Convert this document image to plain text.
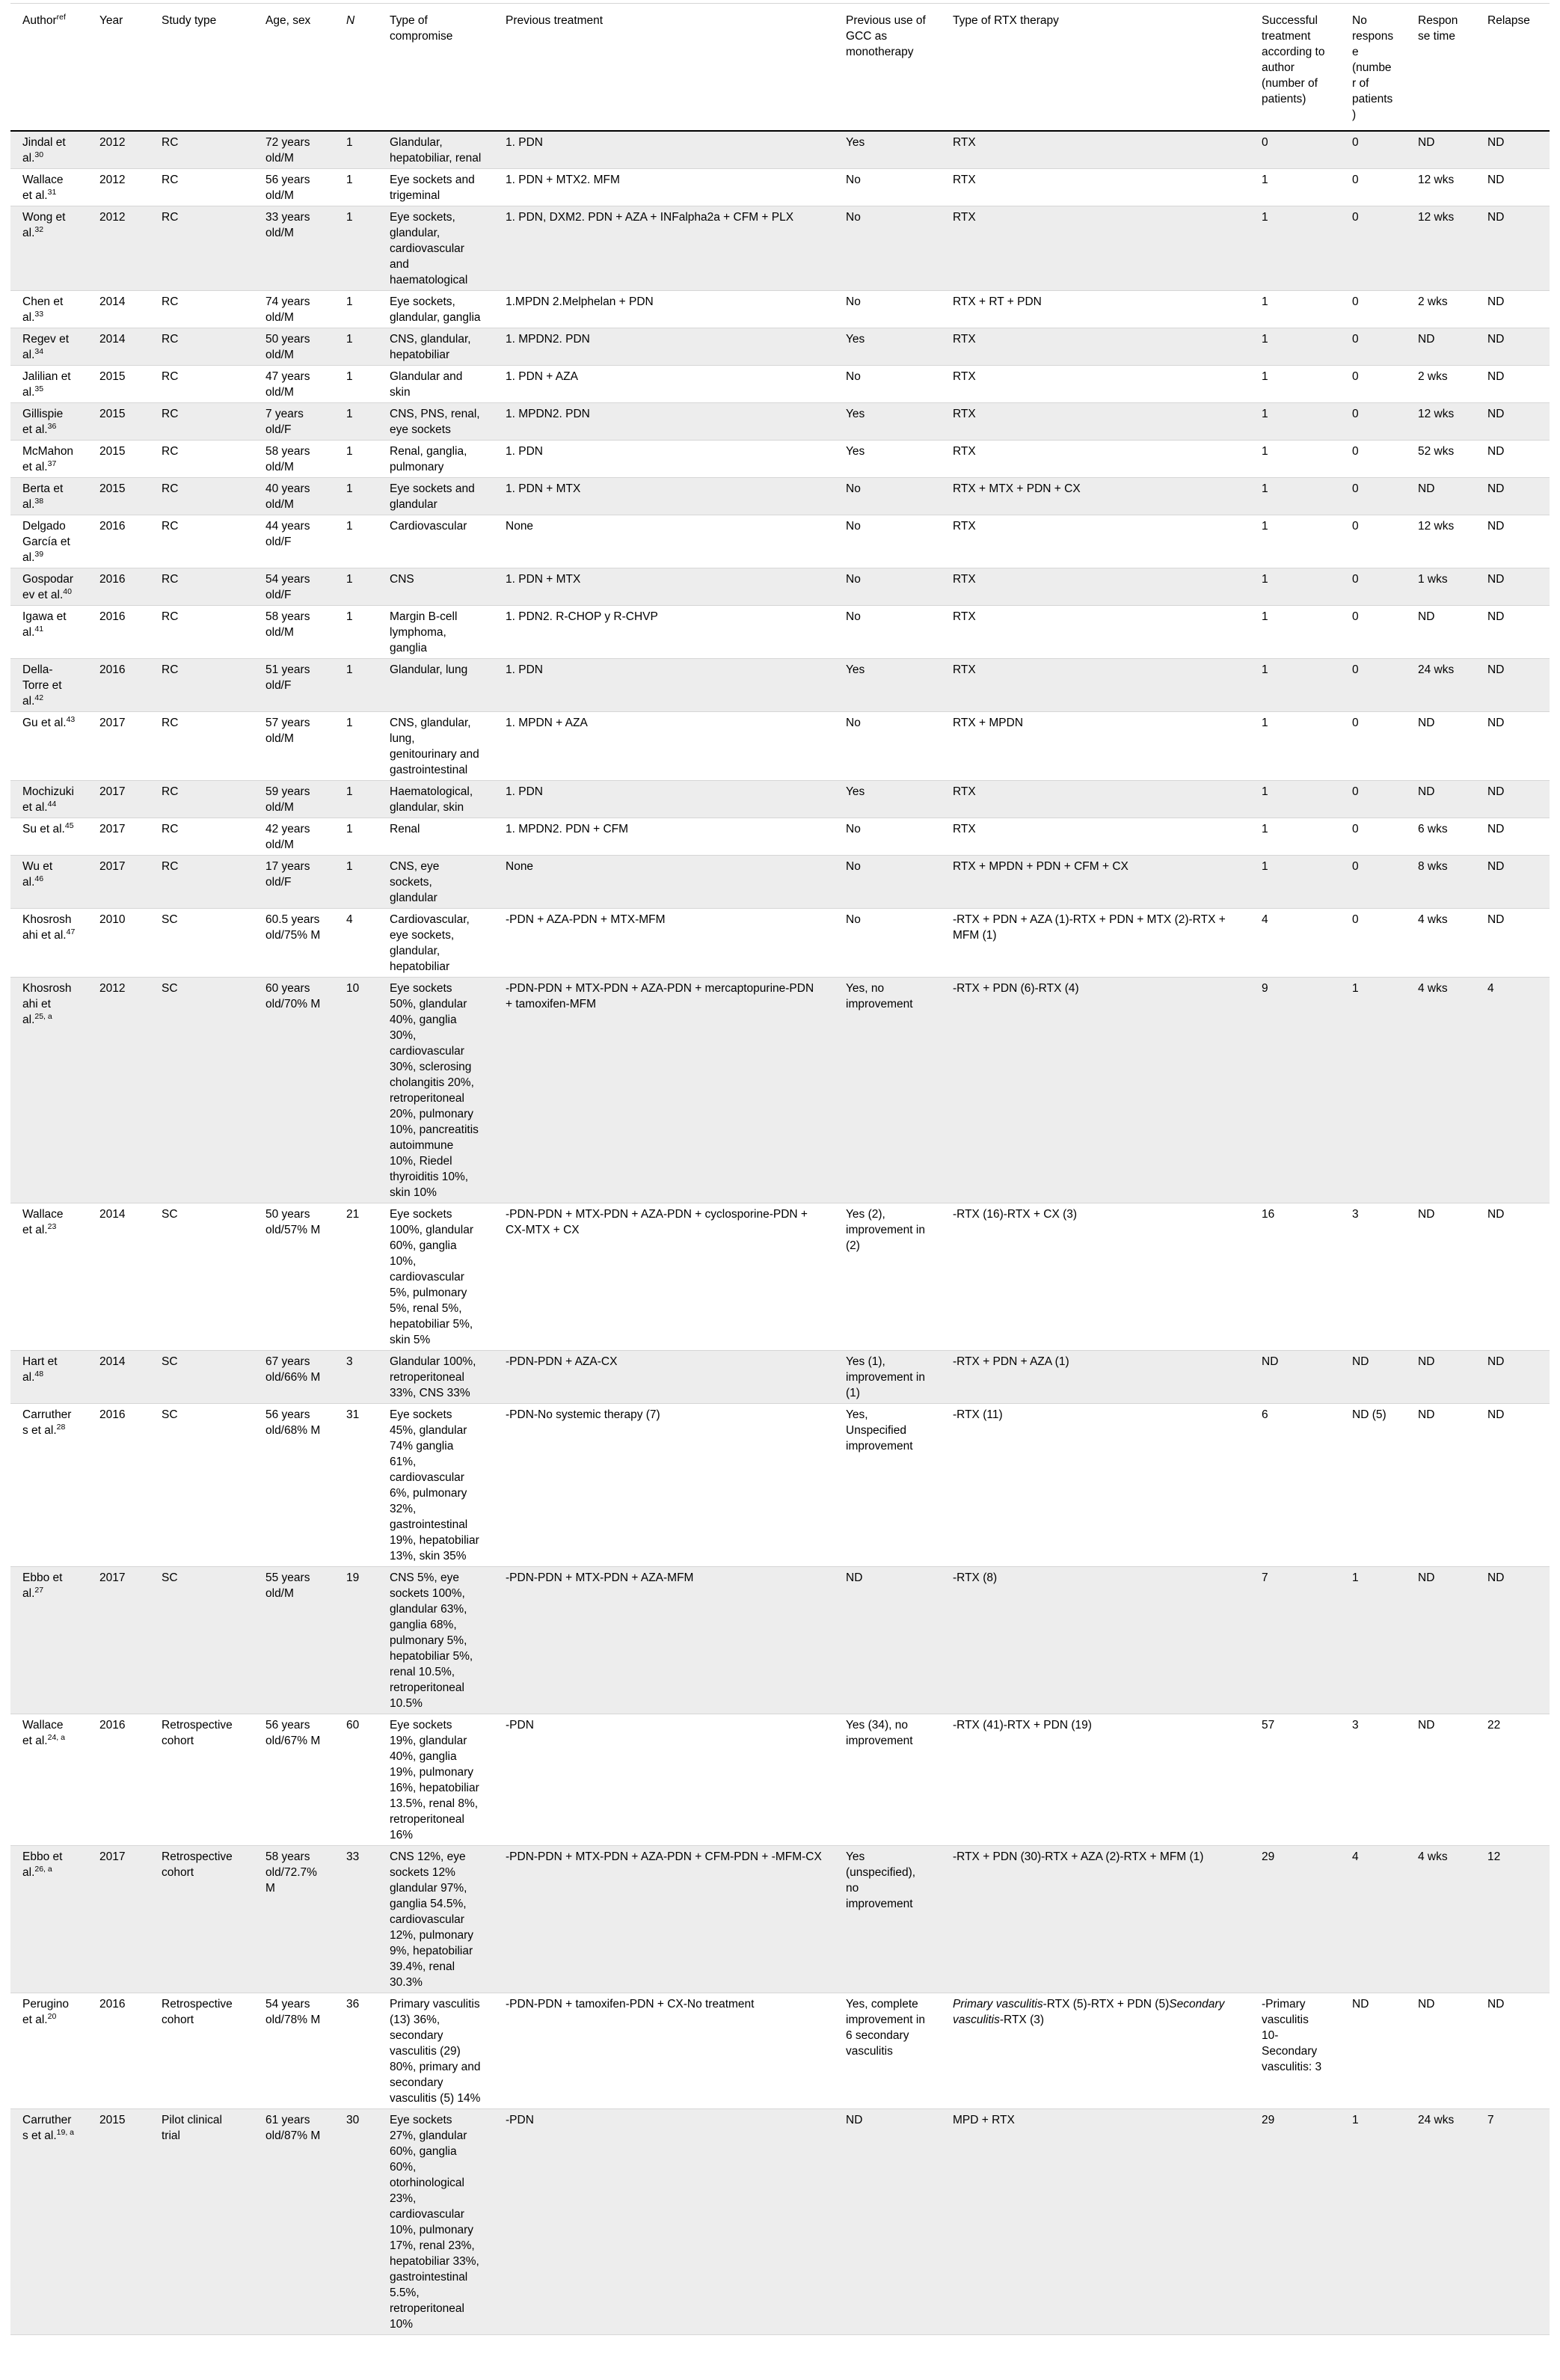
Author$^{ref}$	Year	Study type	Age, sex	N	Type of compromise	Previous treatment	Previous use of GCC as monotherapy	Type of RTX therapy	Successful treatment according to author (number of patients)	No response (number of patients)	Response time	Relapse
Jindal et al.$^{30}$	2012	RC	72 years old/M	1	Glandular, hepatobiliar, renal	1. PDN	Yes	RTX	0	0	ND	ND
Wallace et al.$^{31}$	2012	RC	56 years old/M	1	Eye sockets and trigeminal	1. PDN + MTX2. MFM	No	RTX	1	0	12 wks	ND
Wong et al.$^{32}$	2012	RC	33 years old/M	1	Eye sockets, glandular, cardiovascular and haematological	1. PDN, DXM2. PDN + AZA + INFalpha2a + CFM + PLX	No	RTX	1	0	12 wks	ND
Chen et al.$^{33}$	2014	RC	74 years old/M	1	Eye sockets, glandular, ganglia	1.MPDN 2.Melphelan + PDN	No	RTX + RT + PDN	1	0	2 wks	ND
Regev et al.$^{34}$	2014	RC	50 years old/M	1	CNS, glandular, hepatobiliar	1. MPDN2. PDN	Yes	RTX	1	0	ND	ND
Jalilian et al.$^{35}$	2015	RC	47 years old/M	1	Glandular and skin	1. PDN + AZA	No	RTX	1	0	2 wks	ND
Gillispie et al.$^{36}$	2015	RC	7 years old/F	1	CNS, PNS, renal, eye sockets	1. MPDN2. PDN	Yes	RTX	1	0	12 wks	ND
McMahon et al.$^{37}$	2015	RC	58 years old/M	1	Renal, ganglia, pulmonary	1. PDN	Yes	RTX	1	0	52 wks	ND
Berta et al.$^{38}$	2015	RC	40 years old/M	1	Eye sockets and glandular	1. PDN + MTX	No	RTX + MTX + PDN + CX	1	0	ND	ND
Delgado García et al.$^{39}$	2016	RC	44 years old/F	1	Cardiovascular	None	No	RTX	1	0	12 wks	ND
Gospodarev et al.$^{40}$	2016	RC	54 years old/F	1	CNS	1. PDN + MTX	No	RTX	1	0	1 wks	ND
Igawa et al.$^{41}$	2016	RC	58 years old/M	1	Margin B-cell lymphoma, ganglia	1. PDN2. R-CHOP y R-CHVP	No	RTX	1	0	ND	ND
Della-Torre et al.$^{42}$	2016	RC	51 years old/F	1	Glandular, lung	1. PDN	Yes	RTX	1	0	24 wks	ND
Gu et al.$^{43}$	2017	RC	57 years old/M	1	CNS, glandular, lung, genitourinary and gastrointestinal	1. MPDN + AZA	No	RTX + MPDN	1	0	ND	ND
Mochizuki et al.$^{44}$	2017	RC	59 years old/M	1	Haematological, glandular, skin	1. PDN	Yes	RTX	1	0	ND	ND
Su et al.$^{45}$	2017	RC	42 years old/M	1	Renal	1. MPDN2. PDN + CFM	No	RTX	1	0	6 wks	ND
Wu et al.$^{46}$	2017	RC	17 years old/F	1	CNS, eye sockets, glandular	None	No	RTX + MPDN + PDN + CFM + CX	1	0	8 wks	ND
Khosroshahi et al.$^{47}$	2010	SC	60.5 years old/75% M	4	Cardiovascular, eye sockets, glandular, hepatobiliar	-PDN + AZA-PDN + MTX-MFM	No	-RTX + PDN + AZA (1)-RTX + PDN + MTX (2)-RTX + MFM (1)	4	0	4 wks	ND
Khosroshahi et al.$^{25, a}$	2012	SC	60 years old/70% M	10	Eye sockets 50%, glandular 40%, ganglia 30%, cardiovascular 30%, sclerosing cholangitis 20%, retroperitoneal 20%, pulmonary 10%, pancreatitis autoimmune 10%, Riedel thyroiditis 10%, skin 10%	-PDN-PDN + MTX-PDN + AZA-PDN + mercaptopurine-PDN + tamoxifen-MFM	Yes, no improvement	-RTX + PDN (6)-RTX (4)	9	1	4 wks	4
Wallace et al.$^{23}$	2014	SC	50 years old/57% M	21	Eye sockets 100%, glandular 60%, ganglia 10%, cardiovascular 5%, pulmonary 5%, renal 5%, hepatobiliar 5%, skin 5%	-PDN-PDN + MTX-PDN + AZA-PDN + cyclosporine-PDN + CX-MTX + CX	Yes (2), improvement in (2)	-RTX (16)-RTX + CX (3)	16	3	ND	ND
Hart et al.$^{48}$	2014	SC	67 years old/66% M	3	Glandular 100%, retroperitoneal 33%, CNS 33%	-PDN-PDN + AZA-CX	Yes (1), improvement in (1)	-RTX + PDN + AZA (1)	ND	ND	ND	ND
Carruthers et al.$^{28}$	2016	SC	56 years old/68% M	31	Eye sockets 45%, glandular 74% ganglia 61%, cardiovascular 6%, pulmonary 32%, gastrointestinal 19%, hepatobiliar 13%, skin 35%	-PDN-No systemic therapy (7)	Yes, Unspecified improvement	-RTX (11)	6	ND (5)	ND	ND
Ebbo et al.$^{27}$	2017	SC	55 years old/M	19	CNS 5%, eye sockets 100%, glandular 63%, ganglia 68%, pulmonary 5%, hepatobiliar 5%, renal 10.5%, retroperitoneal 10.5%	-PDN-PDN + MTX-PDN + AZA-MFM	ND	-RTX (8)	7	1	ND	ND
Wallace et al.$^{24, a}$	2016	Retrospective cohort	56 years old/67% M	60	Eye sockets 19%, glandular 40%, ganglia 19%, pulmonary 16%, hepatobiliar 13.5%, renal 8%, retroperitoneal 16%	-PDN	Yes (34), no improvement	-RTX (41)-RTX + PDN (19)	57	3	ND	22
Ebbo et al.$^{26, a}$	2017	Retrospective cohort	58 years old/72.7% M	33	CNS 12%, eye sockets 12% glandular 97%, ganglia 54.5%, cardiovascular 12%, pulmonary 9%, hepatobiliar 39.4%, renal 30.3%	-PDN-PDN + MTX-PDN + AZA-PDN + CFM-PDN + -MFM-CX	Yes (unspecified), no improvement	-RTX + PDN (30)-RTX + AZA (2)-RTX + MFM (1)	29	4	4 wks	12
Perugino et al.$^{20}$	2016	Retrospective cohort	54 years old/78% M	36	Primary vasculitis (13) 36%, secondary vasculitis (29) 80%, primary and secondary vasculitis (5) 14%	-PDN-PDN + tamoxifen-PDN + CX-No treatment	Yes, complete improvement in 6 secondary vasculitis	Primary vasculitis-RTX (5)-RTX + PDN (5)Secondary vasculitis-RTX (3)	-Primary vasculitis 10-Secondary vasculitis: 3	ND	ND	ND
Carruthers et al.$^{19, a}$	2015	Pilot clinical trial	61 years old/87% M	30	Eye sockets 27%, glandular 60%, ganglia 60%, otorhinological 23%, cardiovascular 10%, pulmonary 17%, renal 23%, hepatobiliar 33%, gastrointestinal 5.5%, retroperitoneal 10%	-PDN	ND	MPD + RTX	29	1	24 wks	7
